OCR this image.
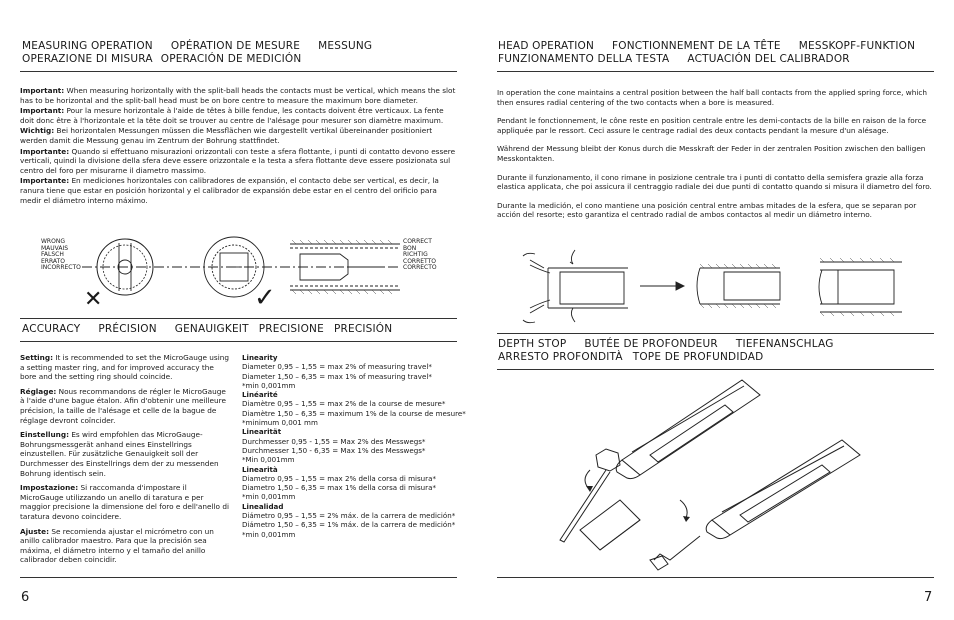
MEASURING OPERATION OPÉRATION DE MESURE MESSUNG
OPERAZIONE DI MISURA OPERACIÓN DE MEDICIÓN

Important: When measuring horizontally with the split-ball heads the contacts must be vertical, which means the slot has to be horizontal and the split-ball head must be on bore centre to measure the maximum bore diameter.

Important: Pour la mesure horizontale à l'aide de têtes à bille fendue, les contacts doivent être verticaux. La fente doit donc être à l'horizontale et la tête doit se trouver au centre de l'alésage pour mesurer son diamètre maximum.

Wichtig: Bei horizontalen Messungen müssen die Messflächen wie dargestellt vertikal übereinander positioniert werden damit die Messung genau im Zentrum der Bohrung stattfindet.

Importante: Quando si effettuano misurazioni orizzontali con teste a sfera flottante, i punti di contatto devono essere verticali, quindi la divisione della sfera deve essere orizzontale e la testa a sfera flottante deve essere posizionata sul centro del foro per misurarne il diametro massimo.

Importante: En mediciones horizontales con calibradores de expansión, el contacto debe ser vertical, es decir, la ranura tiene que estar en posición horizontal y el calibrador de expansión debe estar en el centro del orificio para medir el diámetro interno máximo.

WRONG
MAUVAIS
FALSCH
ERRATO
INCORRECTO
CORRECT
BON
RICHTIG
CORRETTO
CORRECTO
✕	✓
ACCURACY PRÉCISION GENAUIGKEIT PRECISIONE PRECISIÓN

Setting: It is recommended to set the MicroGauge using a setting master ring, and for improved accuracy the bore and the setting ring should coincide.

Réglage: Nous recommandons de régler le MicroGauge à l'aide d'une bague étalon. Afin d'obtenir une meilleure précision, la taille de l'alésage et celle de la bague de réglage devront coïncider.

Einstellung: Es wird empfohlen das MicroGauge-Bohrungsmessgerät anhand eines Einstellrings einzustellen. Für zusätzliche Genauigkeit soll der Durchmesser des Einstellrings dem der zu messenden Bohrung identisch sein.

Impostazione: Si raccomanda d'impostare il MicroGauge utilizzando un anello di taratura e per maggior precisione la dimensione del foro e dell'anello di taratura devono coincidere.

Ajuste: Se recomienda ajustar el micrómetro con un anillo calibrador maestro. Para que la precisión sea máxima, el diámetro interno y el tamaño del anillo calibrador deben coincidir.

Linearity
Diameter 0,95 – 1,55 = max 2% of measuring travel*
Diameter 1,50 – 6,35 = max 1% of measuring travel*
*min 0,001mm
Linéarité
Diamètre 0,95 – 1,55 = max 2% de la course de mesure*
Diamètre 1,50 – 6,35 = maximum 1% de la course de mesure*
*minimum 0,001 mm
Linearität
Durchmesser 0,95 - 1,55 = Max 2% des Messwegs*
Durchmesser 1,50 - 6,35 = Max 1% des Messwegs*
*Min 0,001mm
Linearità
Diametro 0,95 – 1,55 = max 2% della corsa di misura*
Diametro 1,50 – 6,35 = max 1% della corsa di misura*
*min 0,001mm
Linealidad
Diámetro 0,95 – 1,55 = 2% máx. de la carrera de medición*
Diámetro 1,50 – 6,35 = 1% máx. de la carrera de medición*
*min 0,001mm
6
HEAD OPERATION FONCTIONNEMENT DE LA TÊTE MESSKOPF-FUNKTION
FUNZIONAMENTO DELLA TESTA ACTUACIÓN DEL CALIBRADOR

In operation the cone maintains a central position between the half ball contacts from the applied spring force, which then ensures radial centering of the two contacts when a bore is measured.

Pendant le fonctionnement, le cône reste en position centrale entre les demi-contacts de la bille en raison de la force appliquée par le ressort. Ceci assure le centrage radial des deux contacts pendant la mesure d'un alésage.

Während der Messung bleibt der Konus durch die Messkraft der Feder in der zentralen Position zwischen den balligen Messkontakten.

Durante il funzionamento, il cono rimane in posizione centrale tra i punti di contatto della semisfera grazie alla forza elastica applicata, che poi assicura il centraggio radiale dei due punti di contatto quando si misura il diametro del foro.

Durante la medición, el cono mantiene una posición central entre ambas mitades de la esfera, que se separan por acción del resorte; esto garantiza el centrado radial de ambos contactos al medir un diámetro interno.

DEPTH STOP BUTÉE DE PROFONDEUR TIEFENANSCHLAG
ARRESTO PROFONDITÀ TOPE DE PROFUNDIDAD
7
